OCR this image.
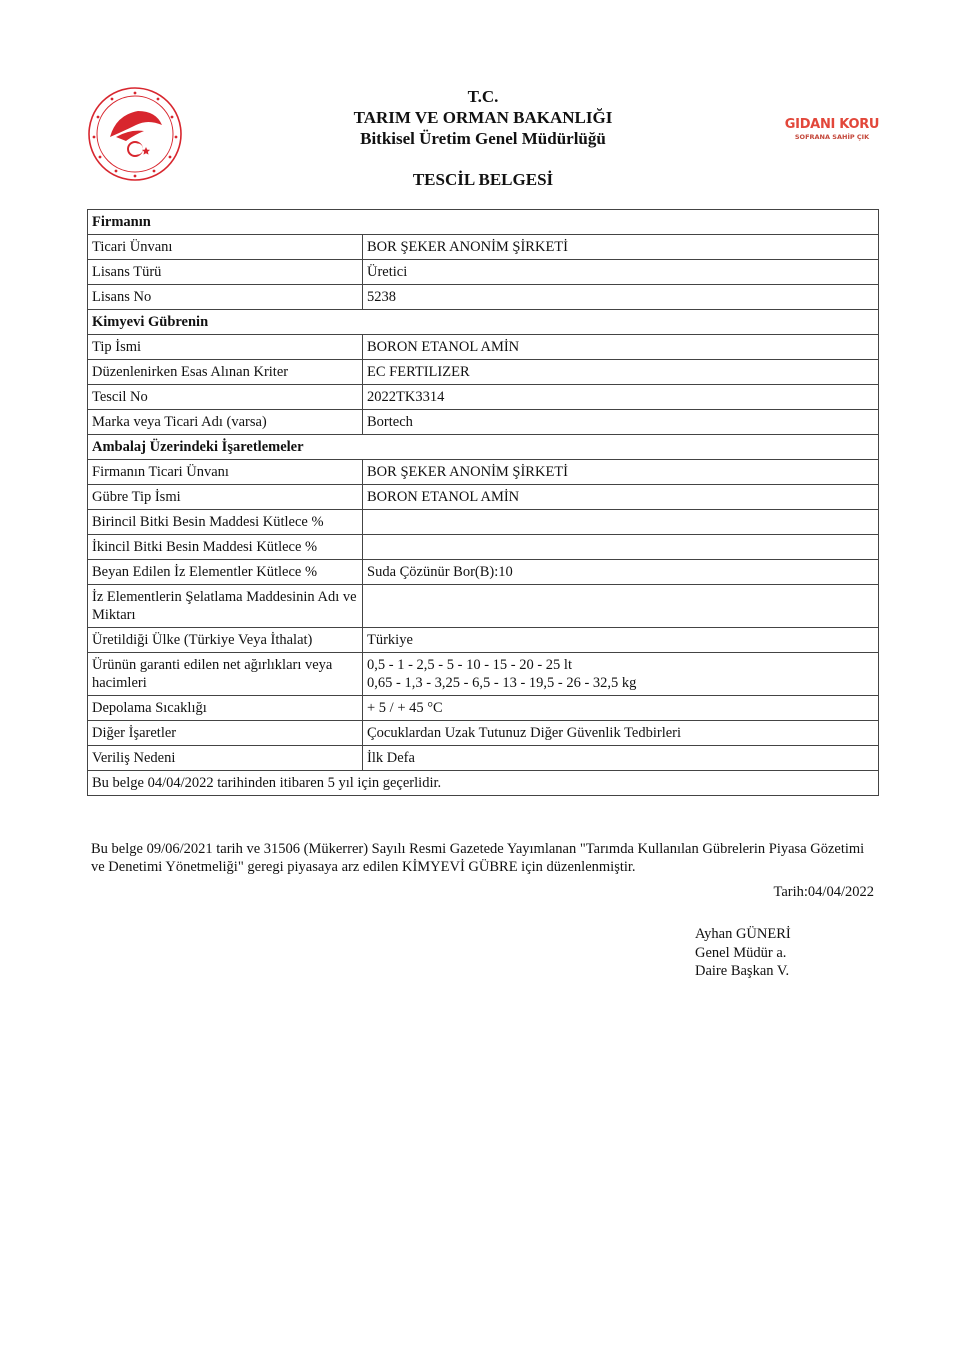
T.C.
TARIM VE ORMAN BAKANLIĞI
Bitkisel Üretim Genel Müdürlüğü
TESCİL BELGESİ
GIDANI KORU
SOFRANA SAHİP ÇIK
Firmanın	
Ticari Ünvanı	BOR ŞEKER ANONİM ŞİRKETİ
Lisans Türü	Üretici
Lisans No	5238
Kimyevi Gübrenin	
Tip İsmi	BORON ETANOL AMİN
Düzenlenirken Esas Alınan Kriter	EC FERTILIZER
Tescil No	2022TK3314
Marka veya Ticari Adı (varsa)	Bortech
Ambalaj Üzerindeki İşaretlemeler	
Firmanın Ticari Ünvanı	BOR ŞEKER ANONİM ŞİRKETİ
Gübre Tip İsmi	BORON ETANOL AMİN
Birincil Bitki Besin Maddesi Kütlece %	
İkincil Bitki Besin Maddesi Kütlece %	
Beyan Edilen İz Elementler Kütlece %	Suda Çözünür Bor(B):10
İz Elementlerin Şelatlama Maddesinin Adı ve Miktarı	
Üretildiği Ülke (Türkiye Veya İthalat)	Türkiye
Ürünün garanti edilen net ağırlıkları veya hacimleri	0,5 - 1 - 2,5 - 5 - 10 - 15 - 20 - 25 lt
0,65 - 1,3 - 3,25 - 6,5 - 13 - 19,5 - 26 - 32,5 kg

Depolama Sıcaklığı	+ 5 / + 45 °C
Diğer İşaretler	Çocuklardan Uzak Tutunuz Diğer Güvenlik Tedbirleri
Veriliş Nedeni	İlk Defa
Bu belge 04/04/2022 tarihinden itibaren 5 yıl için geçerlidir.	
Bu belge 09/06/2021 tarih ve 31506 (Mükerrer) Sayılı Resmi Gazetede Yayımlanan "Tarımda Kullanılan Gübrelerin Piyasa Gözetimi ve Denetimi Yönetmeliği" geregi piyasaya arz edilen KİMYEVİ GÜBRE için düzenlenmiştir.
Tarih:04/04/2022
Ayhan GÜNERİ
Genel Müdür a.
Daire Başkan V.
